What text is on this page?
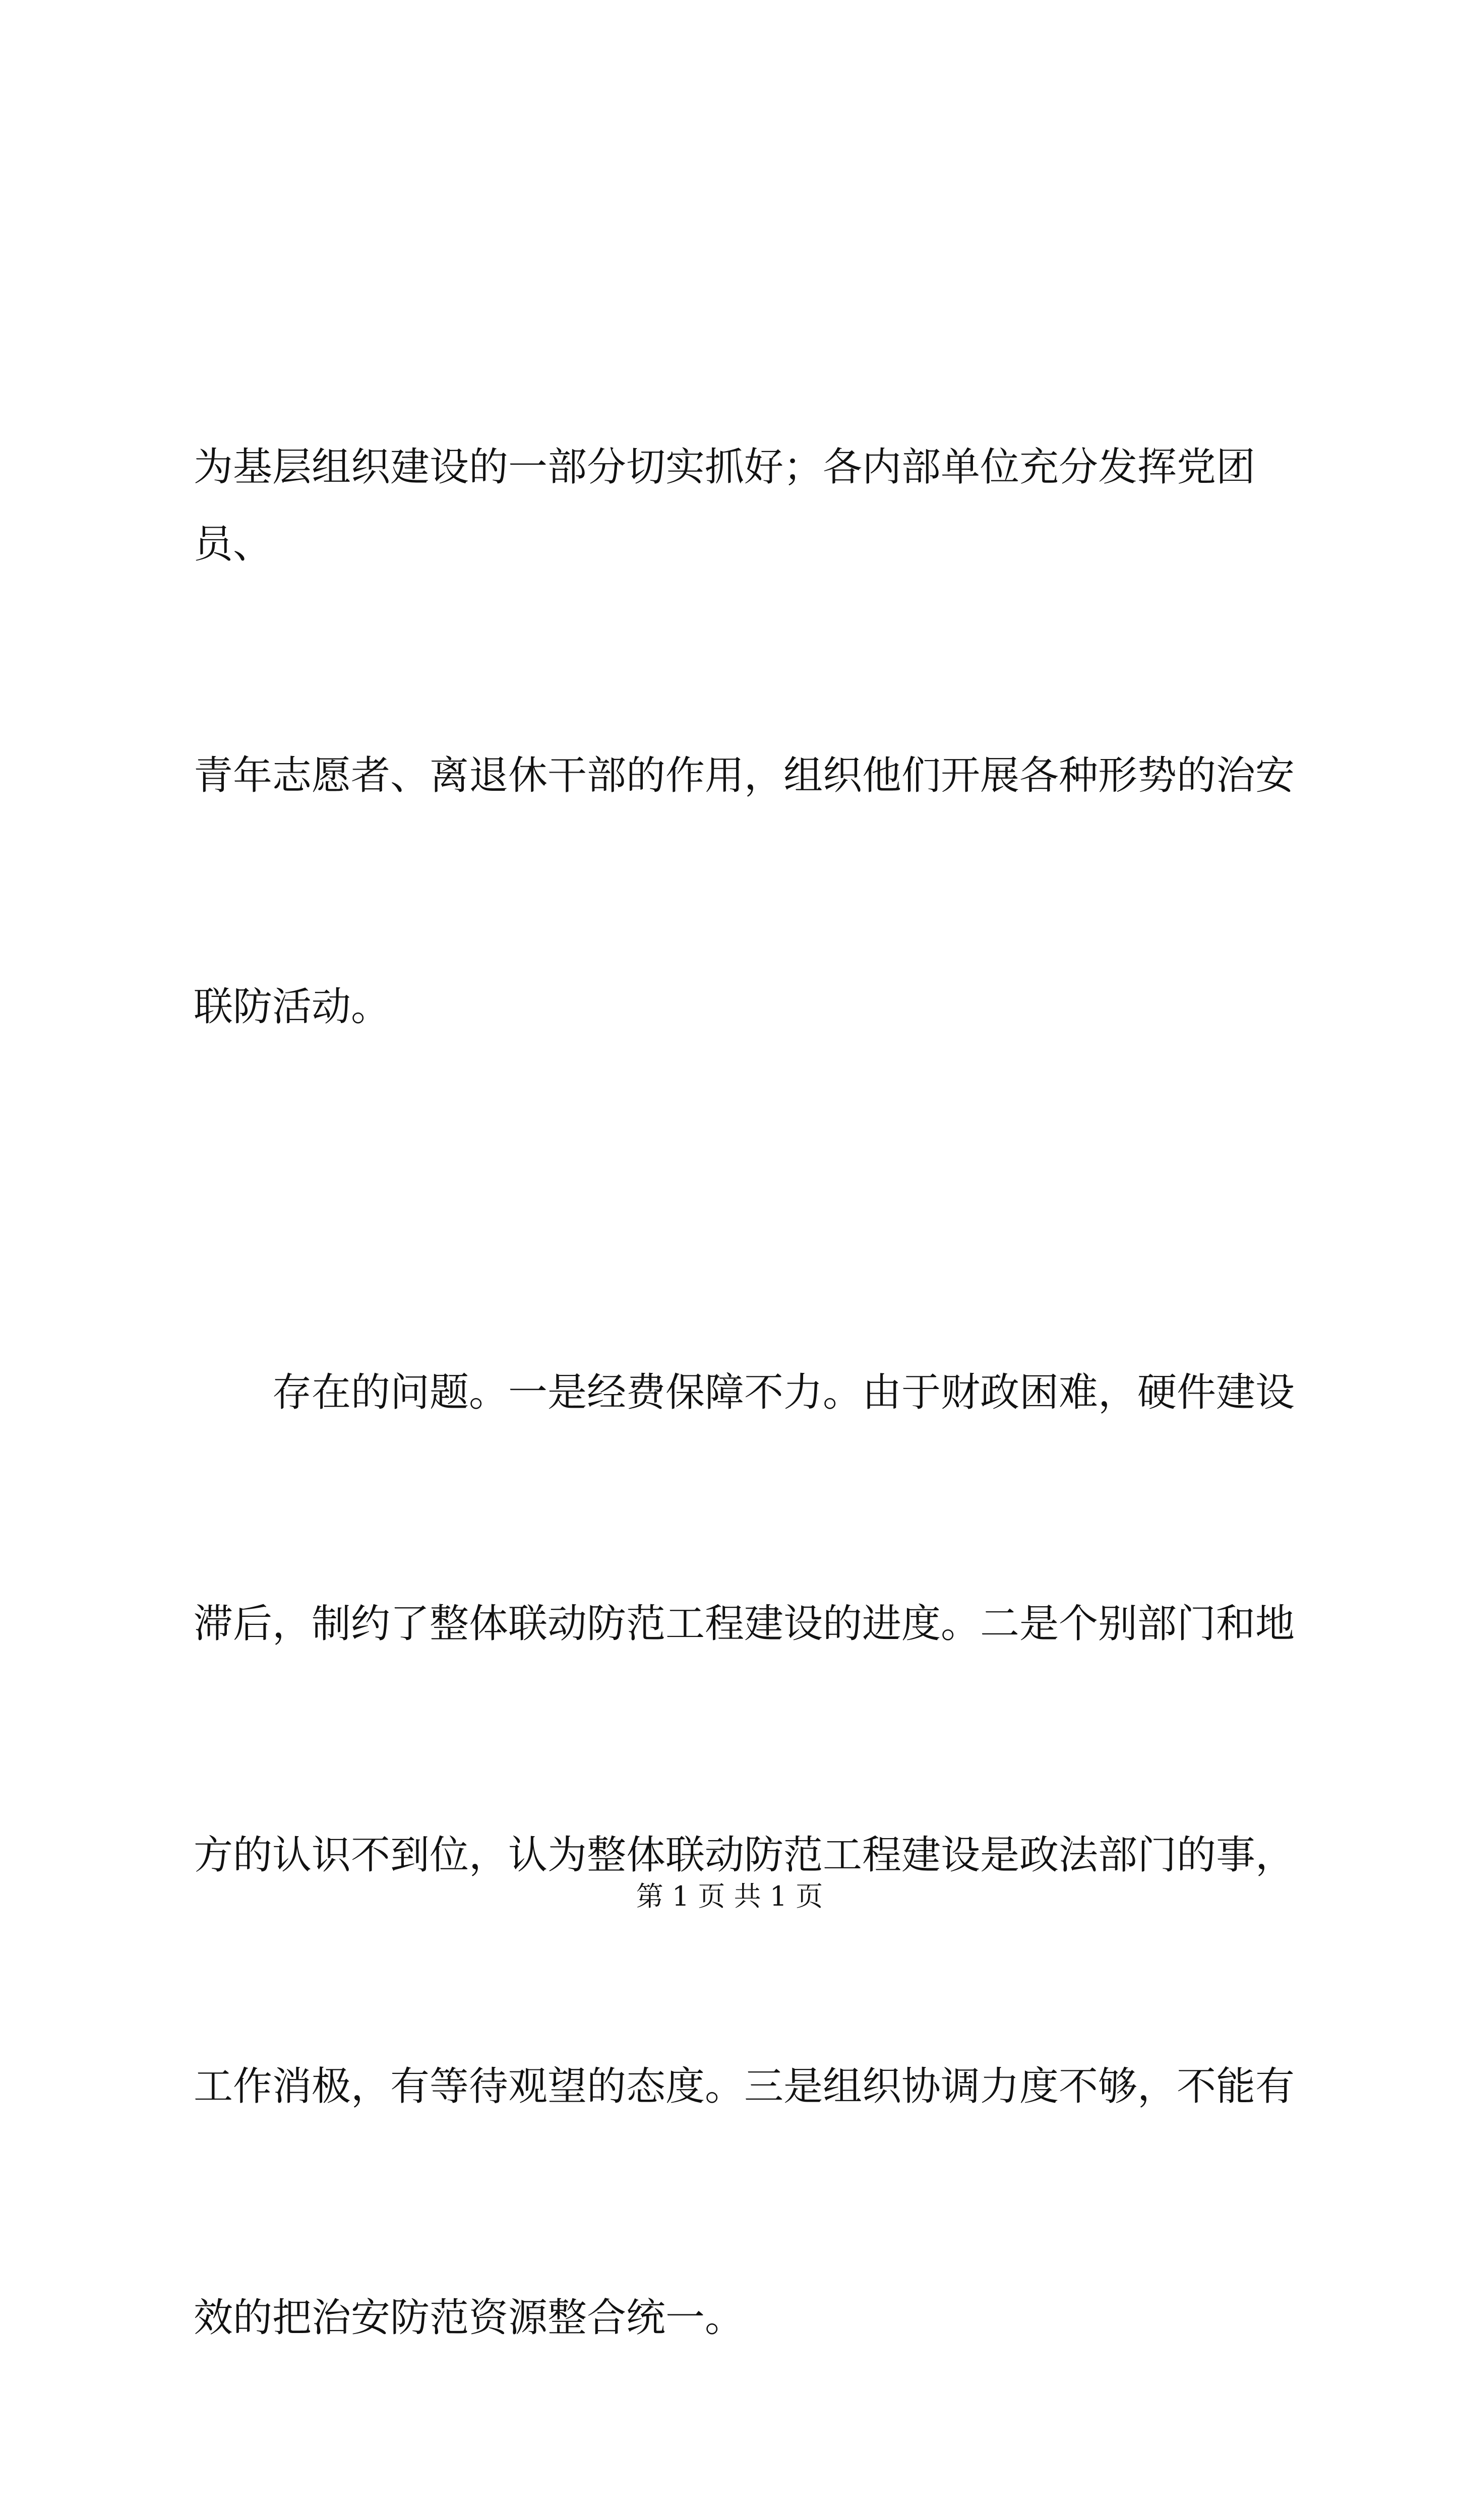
为基层组织建设的一部分切实抓好；各内部单位充分发挥党团员、

青年志愿者、离退休干部的作用，组织他们开展各种形势的治安

联防活动。

存在的问题。一是经费保障不力。由于财政困难，硬件建设

滞后，制约了整体联动防范工程建设的进度。二是个别部门和地

方的认识不到位，认为整体联动防范工程建设是政法部门的事，

工作消极，有等待观望的态度。三是组织协调力度不够，不能有

效的把治安防范资源整合统一。

第 1 页 共 1 页
